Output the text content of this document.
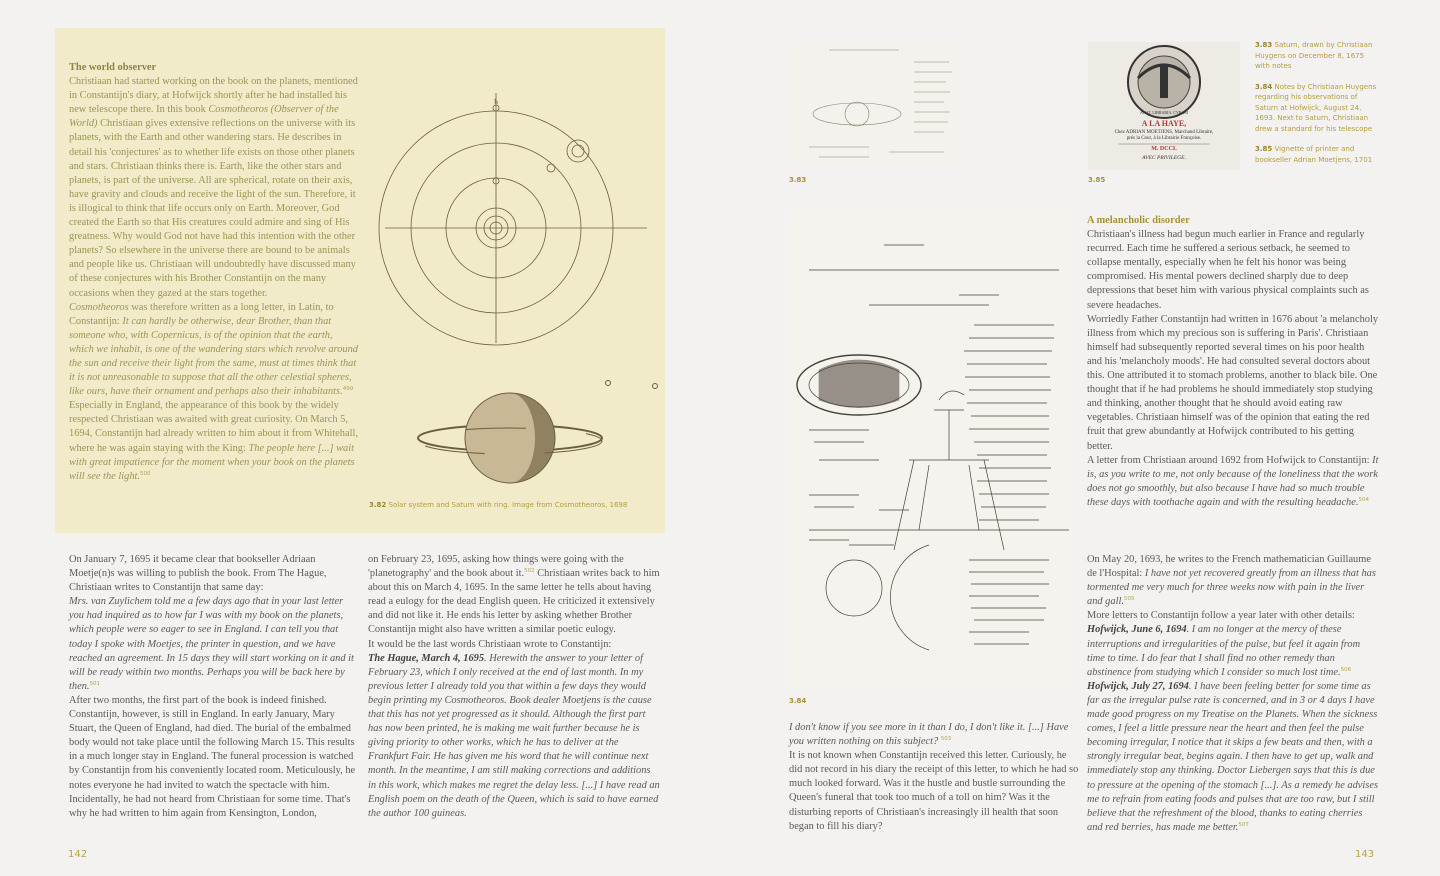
The world observer

Christiaan had started working on the book on the planets, mentioned in Constantijn's diary, at Hofwijck shortly after he had installed his new telescope there. In this book Cosmotheoros (Observer of the World) Christiaan gives extensive reflections on the universe with its planets, with the Earth and other wandering stars. He describes in detail his 'conjectures' as to whether life exists on those other planets and stars. Christiaan thinks there is. Earth, like the other stars and planets, is part of the universe. All are spherical, rotate on their axis, have gravity and clouds and receive the light of the sun. Therefore, it is illogical to think that life occurs only on Earth. Moreover, God created the Earth so that His creatures could admire and sing of His greatness. Why would God not have had this intention with the other planets? So elsewhere in the universe there are bound to be animals and people like us. Christiaan will undoubtedly have discussed many of these conjectures with his Brother Constantijn on the many occasions when they gazed at the stars together.

Cosmotheoros was therefore written as a long letter, in Latin, to Constantijn: It can hardly be otherwise, dear Brother, than that someone who, with Copernicus, is of the opinion that the earth, which we inhabit, is one of the wandering stars which revolve around the sun and receive their light from the same, must at times think that it is not unreasonable to suppose that all the other celestial spheres, like ours, have their ornament and perhaps also their inhabitants.$^{499}$

Especially in England, the appearance of this book by the widely respected Christiaan was awaited with great curiosity. On March 5, 1694, Constantijn had already written to him about it from Whitehall, where he was again staying with the King: The people here [...] wait with great impatience for the moment when your book on the planets will see the light.$^{500}$

♄
3.82 Solar system and Saturn with ring. Image from Cosmotheoros, 1698

On January 7, 1695 it became clear that bookseller Adriaan Moetje(n)s was willing to publish the book. From The Hague, Christiaan writes to Constantijn that same day:

Mrs. van Zuylichem told me a few days ago that in your last letter you had inquired as to how far I was with my book on the planets, which people were so eager to see in England. I can tell you that today I spoke with Moetjes, the printer in question, and we have reached an agreement. In 15 days they will start working on it and it will be ready within two months. Perhaps you will be back here by then.$^{501}$

After two months, the first part of the book is indeed finished. Constantijn, however, is still in England. In early January, Mary Stuart, the Queen of England, had died. The burial of the embalmed body would not take place until the following March 15. This results in a much longer stay in England. The funeral procession is watched by Constantijn from his conveniently located room. Meticulously, he notes everyone he had invited to watch the spectacle with him.

Incidentally, he had not heard from Christiaan for some time. That's why he had written to him again from Kensington, London,

on February 23, 1695, asking how things were going with the 'planetography' and the book about it.$^{502}$ Christiaan writes back to him about this on March 4, 1695. In the same letter he tells about having read a eulogy for the dead English queen. He criticized it extensively and did not like it. He ends his letter by asking whether Brother Constantijn might also have written a similar poetic eulogy.

It would be the last words Christiaan wrote to Constantijn:

The Hague, March 4, 1695. Herewith the answer to your letter of February 23, which I only received at the end of last month. In my previous letter I already told you that within a few days they would begin printing my Cosmotheoros. Book dealer Moetjens is the cause that this has not yet progressed as it should. Although the first part has now been printed, he is making me wait further because he is giving priority to other works, which he has to deliver at the Frankfurt Fair. He has given me his word that he will continue next month. In the meantime, I am still making corrections and additions in this work, which makes me regret the delay less. [...] I have read an English poem on the death of the Queen, which is said to have earned the author 100 guineas.

142
3.83
A LA HAYE,
Chez ADRIAN MOETJENS, Marchand Libraire,
prés la Cour, à la Librairie Françoise.
M. DCCI.
AVEC PRIVILEGE.
ANAT. LIBRARIA. CVRAM
3.85
3.83 Saturn, drawn by Christiaan Huygens on December 8, 1675 with notes
3.84 Notes by Christiaan Huygens regarding his observations of Saturn at Hofwijck, August 24, 1693. Next to Saturn, Christiaan drew a standard for his telescope
3.85 Vignette of printer and bookseller Adrian Moetjens, 1701
3.84

I don't know if you see more in it than I do, I don't like it. [...] Have you written nothing on this subject? $^{503}$

It is not known when Constantijn received this letter. Curiously, he did not record in his diary the receipt of this letter, to which he had so much looked forward. Was it the hustle and bustle surrounding the Queen's funeral that took too much of a toll on him? Was it the disturbing reports of Christiaan's increasingly ill health that soon began to fill his diary?

A melancholic disorder

Christiaan's illness had begun much earlier in France and regularly recurred. Each time he suffered a serious setback, he seemed to collapse mentally, especially when he felt his honor was being compromised. His mental powers declined sharply due to deep depressions that beset him with various physical complaints such as severe headaches.

Worriedly Father Constantijn had written in 1676 about 'a melancholy illness from which my precious son is suffering in Paris'. Christiaan himself had subsequently reported several times on his poor health and his 'melancholy moods'. He had consulted several doctors about this. One attributed it to stomach problems, another to black bile. One thought that if he had problems he should immediately stop studying and thinking, another thought that he should avoid eating raw vegetables. Christiaan himself was of the opinion that eating the red fruit that grew abundantly at Hofwijck contributed to his getting better.

A letter from Christiaan around 1692 from Hofwijck to Constantijn: It is, as you write to me, not only because of the loneliness that the work does not go smoothly, but also because I have had so much trouble these days with toothache again and with the resulting headache.$^{504}$

On May 20, 1693, he writes to the French mathematician Guillaume de l'Hospital: I have not yet recovered greatly from an illness that has tormented me very much for three weeks now with pain in the liver and gall.$^{505}$

More letters to Constantijn follow a year later with other details:

Hofwijck, June 6, 1694. I am no longer at the mercy of these interruptions and irregularities of the pulse, but feel it again from time to time. I do fear that I shall find no other remedy than abstinence from studying which I consider so much lost time.$^{506}$

Hofwijck, July 27, 1694. I have been feeling better for some time as far as the irregular pulse rate is concerned, and in 3 or 4 days I have made good progress on my Treatise on the Planets. When the sickness comes, I feel a little pressure near the heart and then feel the pulse becoming irregular, I notice that it skips a few beats and then, with a strongly irregular beat, begins again. I then have to get up, walk and immediately stop any thinking. Doctor Liebergen says that this is due to pressure at the opening of the stomach [...]. As a remedy he advises me to refrain from eating foods and pulses that are too raw, but I still believe that the refreshment of the blood, thanks to eating cherries and red berries, has made me better.$^{507}$

143
